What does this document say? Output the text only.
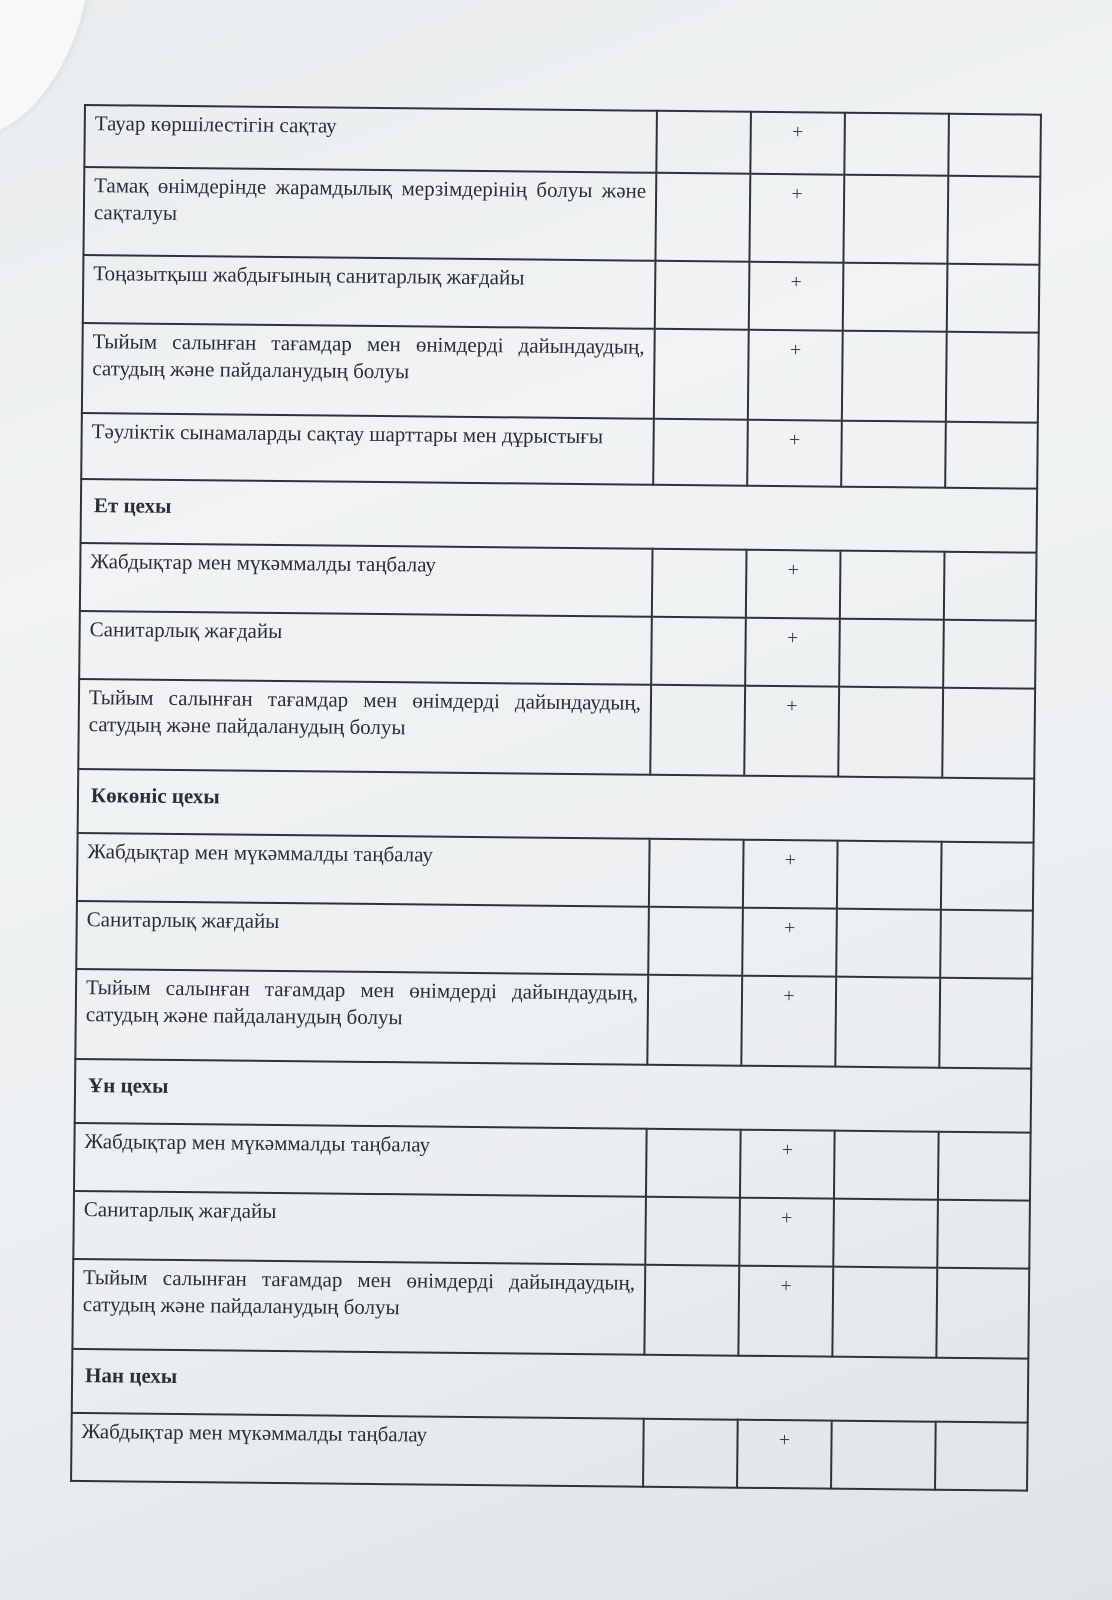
Тауар көршілестігін сақтау		+		
Тамақ өнімдерінде жарамдылық мерзімдерінің болуы және сақталуы		+		
Тоңазытқыш жабдығының санитарлық жағдайы		+		
Тыйым салынған тағамдар мен өнімдерді дайындаудың, сатудың және пайдаланудың болуы		+		
Тәуліктік сынамаларды сақтау шарттары мен дұрыстығы		+		
Ет цехы				
Жабдықтар мен мүкәммалды таңбалау		+		
Санитарлық жағдайы		+		
Тыйым салынған тағамдар мен өнімдерді дайындаудың, сатудың және пайдаланудың болуы		+		
Көкөніс цехы				
Жабдықтар мен мүкәммалды таңбалау		+		
Санитарлық жағдайы		+		
Тыйым салынған тағамдар мен өнімдерді дайындаудың, сатудың және пайдаланудың болуы		+		
Ұн цехы				
Жабдықтар мен мүкәммалды таңбалау		+		
Санитарлық жағдайы		+		
Тыйым салынған тағамдар мен өнімдерді дайындаудың, сатудың және пайдаланудың болуы		+		
Нан цехы				
Жабдықтар мен мүкәммалды таңбалау		+		
